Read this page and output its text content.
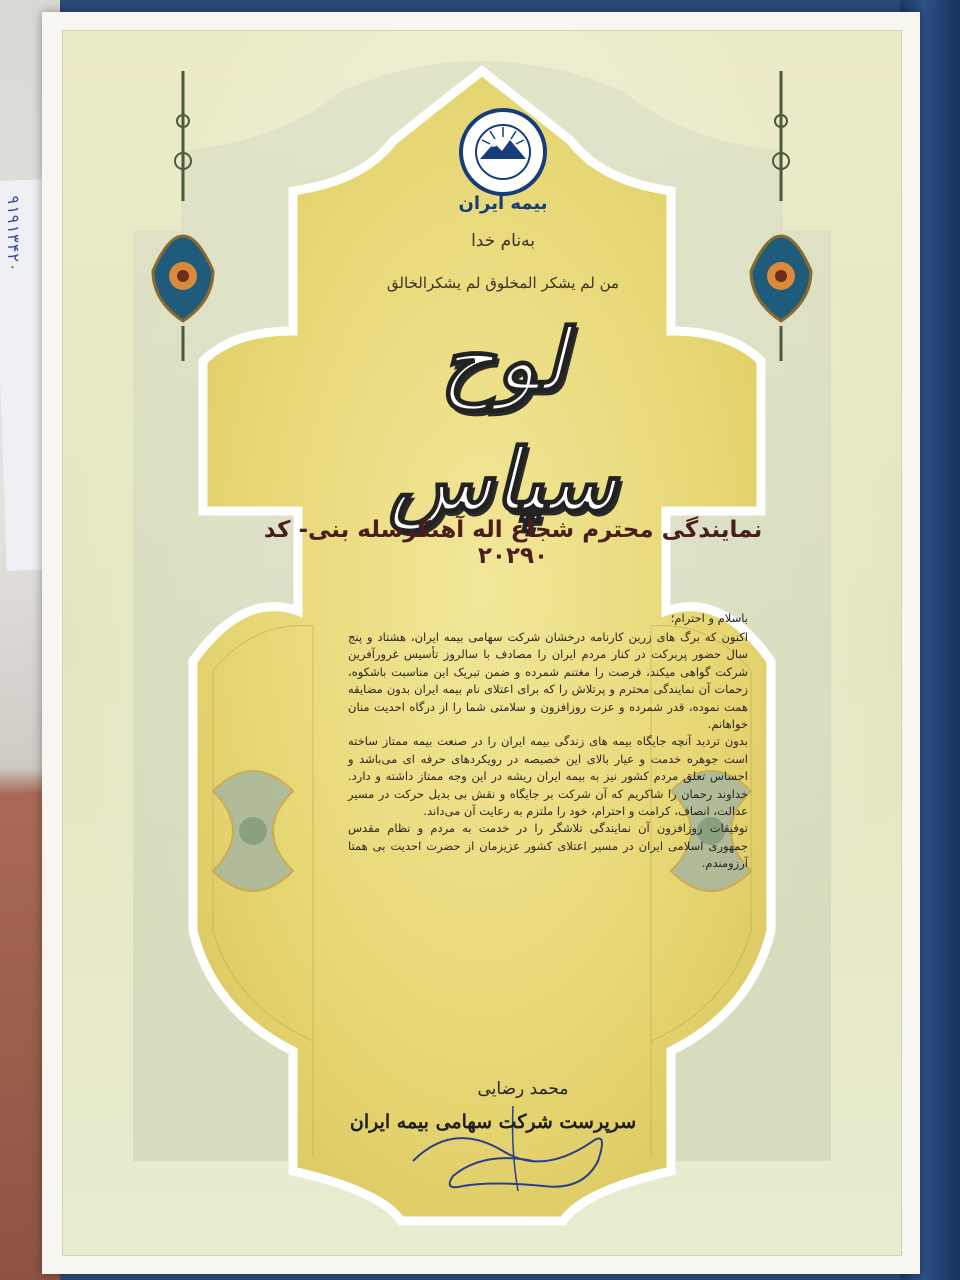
۹۱۹۱۳۴۲۰	بیمه ایران
به‌نام خدا
من لم یشکر المخلوق لم یشکرالخالق
لوح سپاس
نمایندگی محترم شجاع اله آهنگرسله بنی- کد ۲۰۲۹۰
باسلام و احترام؛

اکنون که برگ های زرین کارنامه درخشان شرکت سهامی بیمه ایران، هشتاد و پنج سال حضور پربرکت در کنار مردم ایران را مصادف با سالروز تأسیس غرورآفرین شرکت گواهی میکند، فرصت را مغتنم شمرده و ضمن تبریک این مناسبت باشکوه، زحمات آن نمایندگی محترم و پرتلاش را که برای اعتلای نام بیمه ایران بدون مضایقه همت نموده، قدر شمرده و عزت روزافزون و سلامتی شما را از درگاه احدیت منان خواهانم.

بدون تردید آنچه جایگاه بیمه های زندگی بیمه ایران را در صنعت بیمه ممتاز ساخته است جوهره خدمت و عیار بالای این خصیصه در رویکردهای حرفه ای می‌باشد و احساس تعلق مردم کشور نیز به بیمه ایران ریشه در این وجه ممتاز داشته و دارد. خداوند رحمان را شاکریم که آن شرکت بر جایگاه و نقش بی بدیل حرکت در مسیر عدالت، انصاف، کرامت و احترام، خود را ملتزم به رعایت آن می‌داند.

توفیقات روزافزون آن نمایندگی تلاشگر را در خدمت به مردم و نظام مقدس جمهوری اسلامی ایران در مسیر اعتلای کشور عزیزمان از حضرت احدیت بی همتا آرزومندم.

محمد رضایی
سرپرست شرکت سهامی بیمه ایران
